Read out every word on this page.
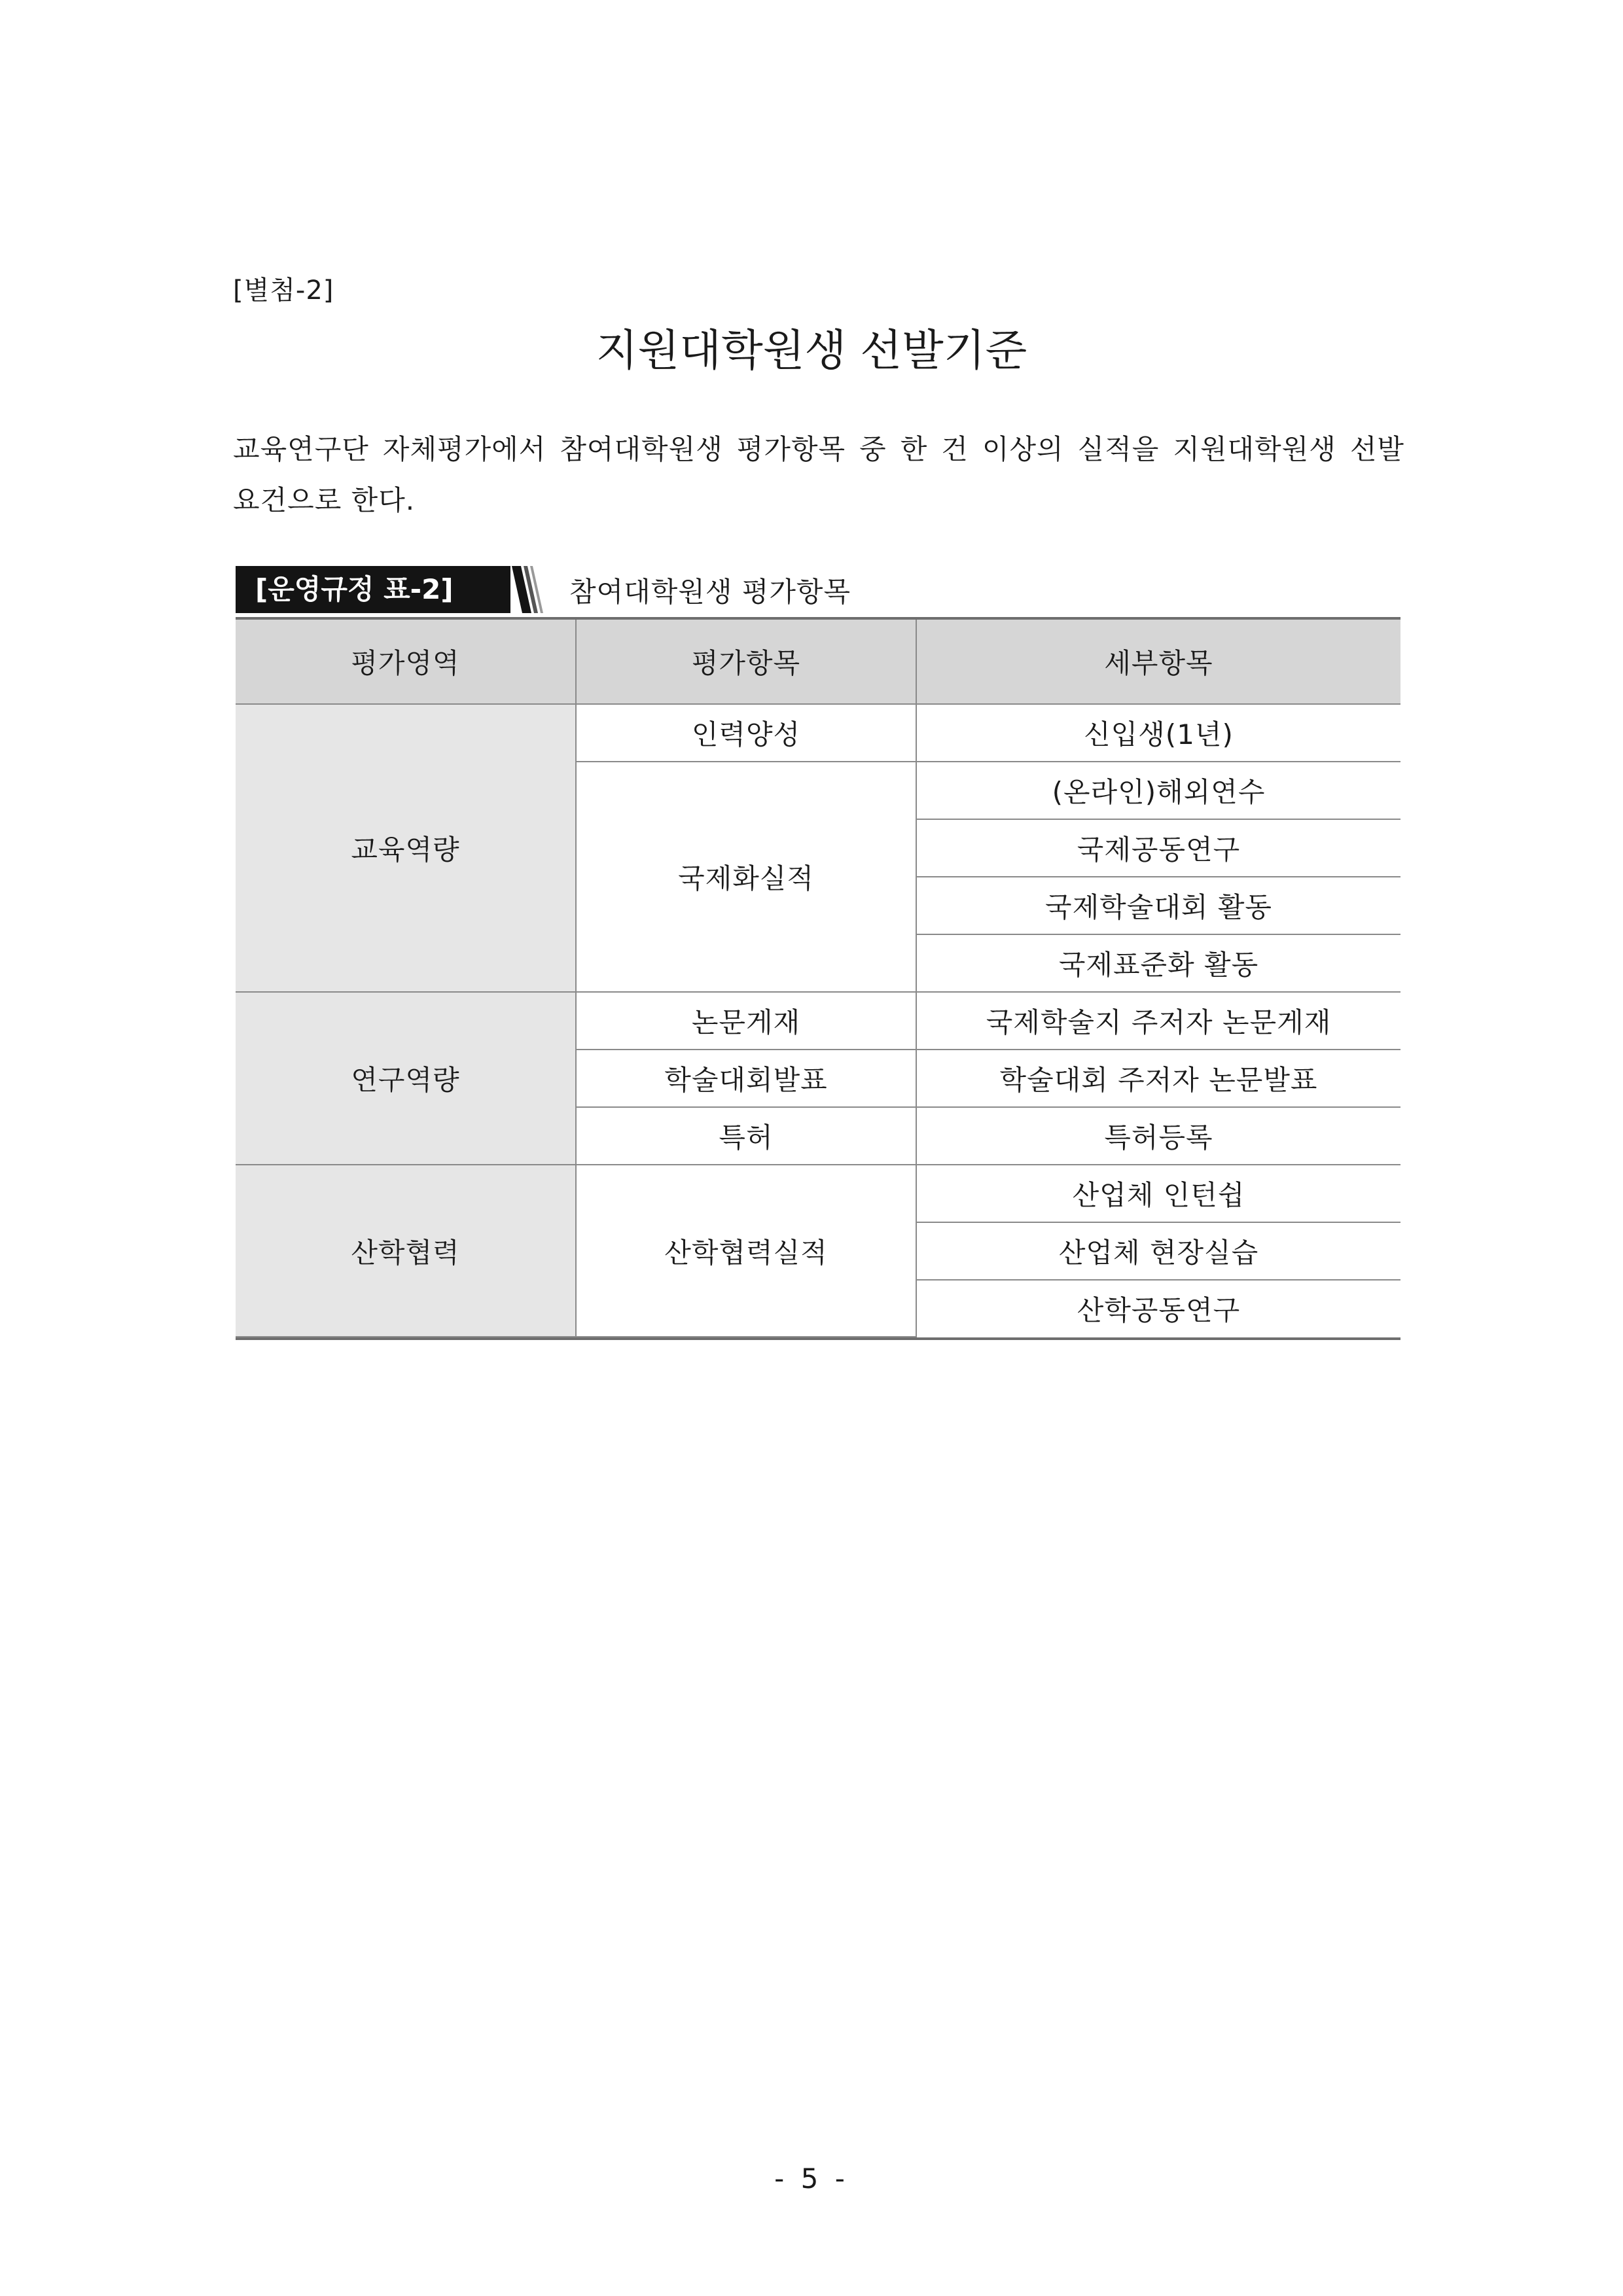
[별첨-2]
지원대학원생 선발기준

교육연구단 자체평가에서 참여대학원생 평가항목 중 한 건 이상의 실적을 지원대학원생 선발 요건으로 한다.

[운영규정 표-2]	참여대학원생 평가항목
평가영역	평가항목	세부항목
교육역량	인력양성	신입생(1년)
	국제화실적	(온라인)해외연수
		국제공동연구
		국제학술대회 활동
		국제표준화 활동
연구역량	논문게재	국제학술지 주저자 논문게재
	학술대회발표	학술대회 주저자 논문발표
	특허	특허등록
산학협력	산학협력실적	산업체 인턴쉽
		산업체 현장실습
		산학공동연구
- 5 -
